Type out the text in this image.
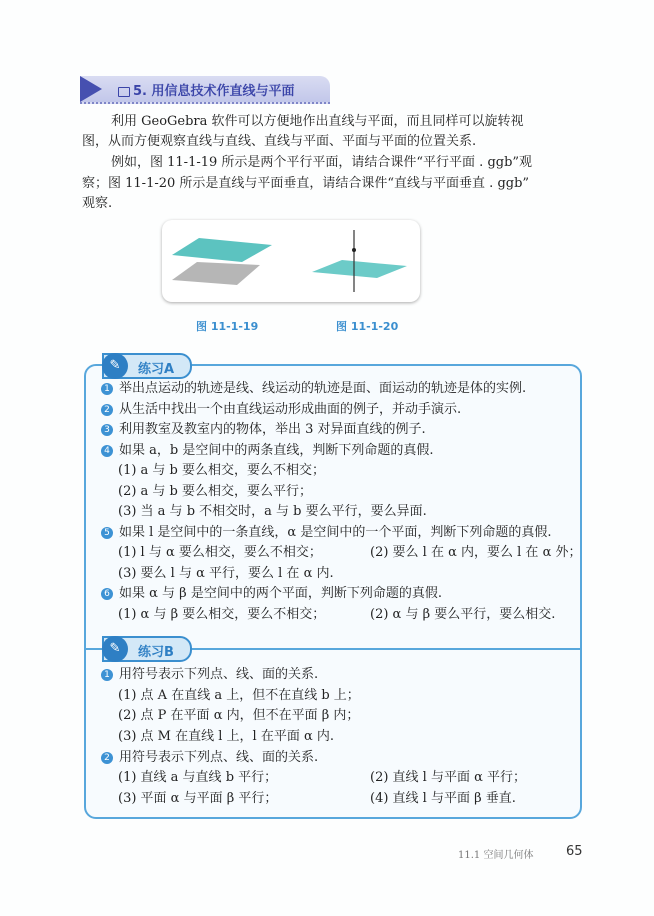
5. 用信息技术作直线与平面
利用 GeoGebra 软件可以方便地作出直线与平面，而且同样可以旋转视
图，从而方便观察直线与直线、直线与平面、平面与平面的位置关系.
例如，图 11-1-19 所示是两个平行平面，请结合课件“平行平面 . ggb”观
察；图 11-1-20 所示是直线与平面垂直，请结合课件“直线与平面垂直 . ggb”
观察.
图 11-1-19	图 11-1-20
✎	练习A
1 举出点运动的轨迹是线、线运动的轨迹是面、面运动的轨迹是体的实例.
2 从生活中找出一个由直线运动形成曲面的例子，并动手演示.
3 利用教室及教室内的物体，举出 3 对异面直线的例子.
4 如果 a，b 是空间中的两条直线，判断下列命题的真假.
(1) a 与 b 要么相交，要么不相交；
(2) a 与 b 要么相交，要么平行；
(3) 当 a 与 b 不相交时，a 与 b 要么平行，要么异面.
5 如果 l 是空间中的一条直线，α 是空间中的一个平面，判断下列命题的真假.
(1) l 与 α 要么相交，要么不相交；	(2) 要么 l 在 α 内，要么 l 在 α 外；
(3) 要么 l 与 α 平行，要么 l 在 α 内.
6 如果 α 与 β 是空间中的两个平面，判断下列命题的真假.
(1) α 与 β 要么相交，要么不相交；	(2) α 与 β 要么平行，要么相交.
✎	练习B
1 用符号表示下列点、线、面的关系.
(1) 点 A 在直线 a 上，但不在直线 b 上；
(2) 点 P 在平面 α 内，但不在平面 β 内；
(3) 点 M 在直线 l 上，l 在平面 α 内.
2 用符号表示下列点、线、面的关系.
(1) 直线 a 与直线 b 平行；	(2) 直线 l 与平面 α 平行；
(3) 平面 α 与平面 β 平行；	(4) 直线 l 与平面 β 垂直.
11.1 空间几何体	65
